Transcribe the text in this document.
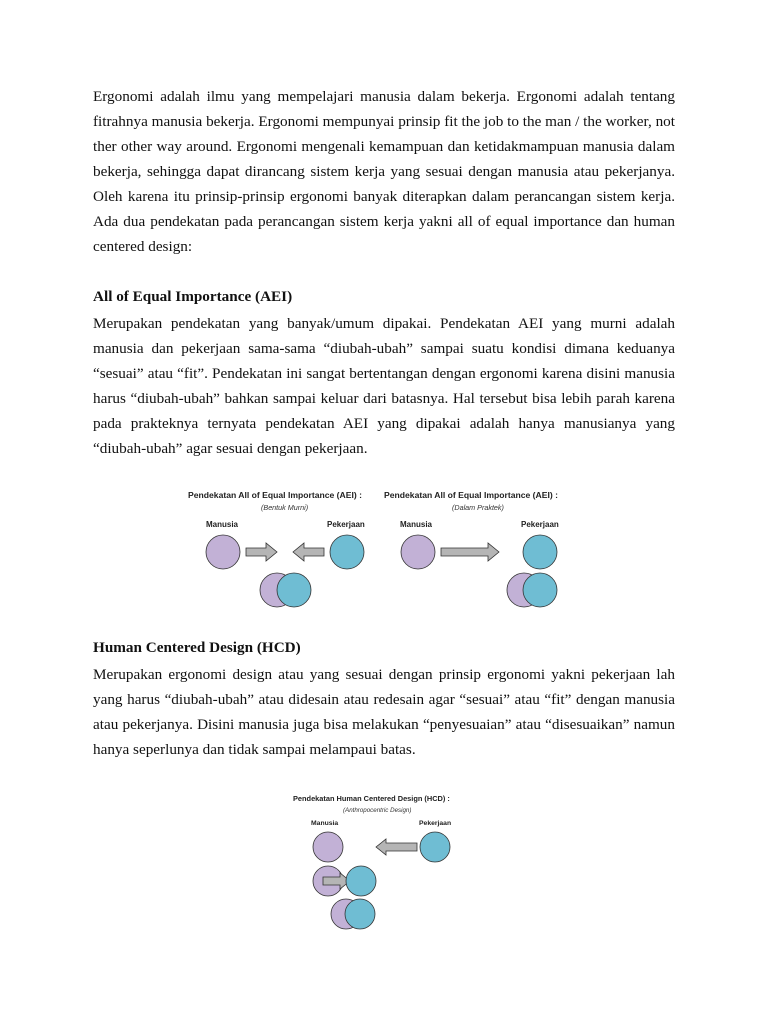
Ergonomi adalah ilmu yang mempelajari manusia dalam bekerja. Ergonomi adalah tentang fitrahnya manusia bekerja. Ergonomi mempunyai prinsip fit the job to the man / the worker, not ther other way around. Ergonomi mengenali kemampuan dan ketidakmampuan manusia dalam bekerja, sehingga dapat dirancang sistem kerja yang sesuai dengan manusia atau pekerjanya. Oleh karena itu prinsip-prinsip ergonomi banyak diterapkan dalam perancangan sistem kerja. Ada dua pendekatan pada perancangan sistem kerja yakni all of equal importance dan human centered design:

All of Equal Importance (AEI)

Merupakan pendekatan yang banyak/umum dipakai. Pendekatan AEI yang murni adalah manusia dan pekerjaan sama-sama “diubah-ubah” sampai suatu kondisi dimana keduanya “sesuai” atau “fit”. Pendekatan ini sangat bertentangan dengan ergonomi karena disini manusia harus “diubah-ubah” bahkan sampai keluar dari batasnya. Hal tersebut bisa lebih parah karena pada prakteknya ternyata pendekatan AEI yang dipakai adalah hanya manusianya yang “diubah-ubah” agar sesuai dengan pekerjaan.

Pendekatan All of Equal Importance (AEI) :
(Bentuk Murni)
Manusia	Pekerjaan
Pendekatan All of Equal Importance (AEI) :
(Dalam Praktek)
Manusia	Pekerjaan

Human Centered Design (HCD)

Merupakan ergonomi design atau yang sesuai dengan prinsip ergonomi yakni pekerjaan lah yang harus “diubah-ubah” atau didesain atau redesain agar “sesuai” atau “fit” dengan manusia atau pekerjanya. Disini manusia juga bisa melakukan “penyesuaian” atau “disesuaikan” namun hanya seperlunya dan tidak sampai melampaui batas.

Pendekatan Human Centered Design (HCD) :
(Anthropocentric Design)
Manusia	Pekerjaan
